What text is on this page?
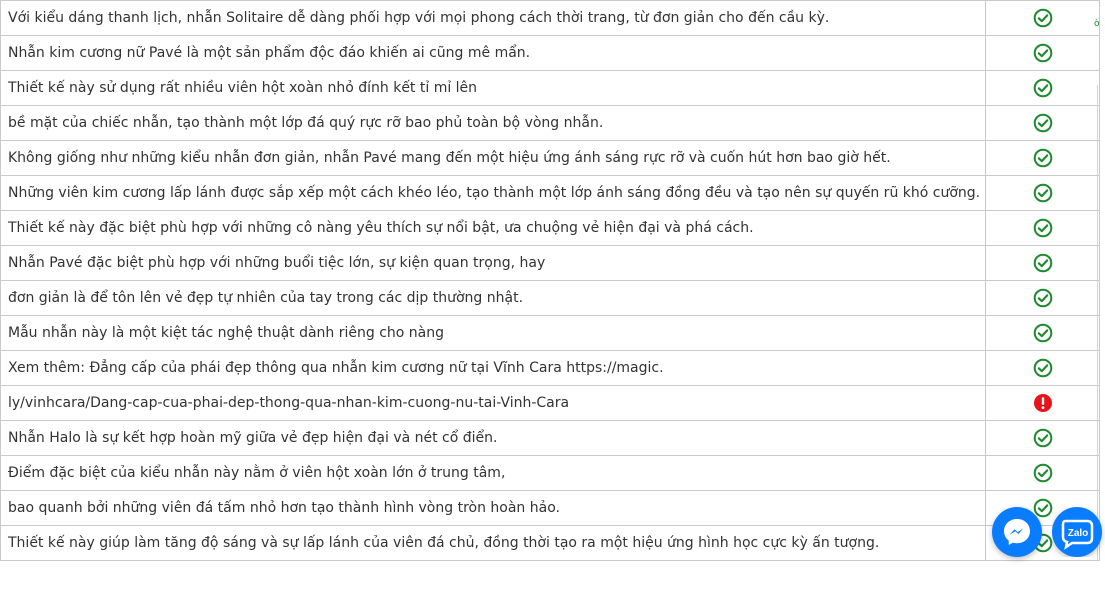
Với kiểu dáng thanh lịch, nhẫn Solitaire dễ dàng phối hợp với mọi phong cách thời trang, từ đơn giản cho đến cầu kỳ.	

Nhẫn kim cương nữ Pavé là một sản phẩm độc đáo khiến ai cũng mê mẩn.	

Thiết kế này sử dụng rất nhiều viên hột xoàn nhỏ đính kết tỉ mỉ lên	

bề mặt của chiếc nhẫn, tạo thành một lớp đá quý rực rỡ bao phủ toàn bộ vòng nhẫn.	

Không giống như những kiểu nhẫn đơn giản, nhẫn Pavé mang đến một hiệu ứng ánh sáng rực rỡ và cuốn hút hơn bao giờ hết.	

Những viên kim cương lấp lánh được sắp xếp một cách khéo léo, tạo thành một lớp ánh sáng đồng đều và tạo nên sự quyến rũ khó cưỡng.	

Thiết kế này đặc biệt phù hợp với những cô nàng yêu thích sự nổi bật, ưa chuộng vẻ hiện đại và phá cách.	

Nhẫn Pavé đặc biệt phù hợp với những buổi tiệc lớn, sự kiện quan trọng, hay	

đơn giản là để tôn lên vẻ đẹp tự nhiên của tay trong các dịp thường nhật.	

Mẫu nhẫn này là một kiệt tác nghệ thuật dành riêng cho nàng	

Xem thêm: Đẳng cấp của phái đẹp thông qua nhẫn kim cương nữ tại Vĩnh Cara https://magic.	

ly/vinhcara/Dang-cap-cua-phai-dep-thong-qua-nhan-kim-cuong-nu-tai-Vinh-Cara	

Nhẫn Halo là sự kết hợp hoàn mỹ giữa vẻ đẹp hiện đại và nét cổ điển.	

Điểm đặc biệt của kiểu nhẫn này nằm ở viên hột xoàn lớn ở trung tâm,	

bao quanh bởi những viên đá tấm nhỏ hơn tạo thành hình vòng tròn hoàn hảo.	

Thiết kế này giúp làm tăng độ sáng và sự lấp lánh của viên đá chủ, đồng thời tạo ra một hiệu ứng hình học cực kỳ ấn tượng.	
ò
Zalo
